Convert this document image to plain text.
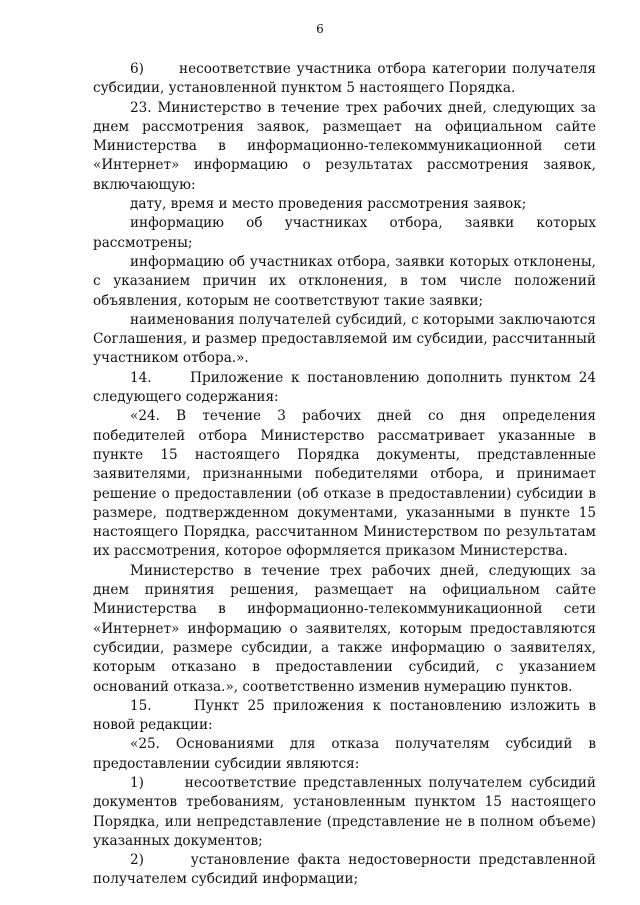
6

6)      несоответствие участника отбора категории получателя субсидии, установленной пунктом 5 настоящего Порядка.

23. Министерство в течение трех рабочих дней, следующих за днем рассмотрения заявок, размещает на официальном сайте Министерства в информационно-телекоммуникационной сети «Интернет» информацию о результатах рассмотрения заявок, включающую:

дату, время и место проведения рассмотрения заявок;

информацию об участниках отбора, заявки которых рассмотрены;

информацию об участниках отбора, заявки которых отклонены, с указанием причин их отклонения, в том числе положений объявления, которым не соответствуют такие заявки;

наименования получателей субсидий, с которыми заключаются Соглашения, и размер предоставляемой им субсидии, рассчитанный участником отбора.».

14.     Приложение к постановлению дополнить пунктом 24 следующего содержания:

«24. В течение 3 рабочих дней со дня определения победителей отбора Министерство рассматривает указанные в пункте 15 настоящего Порядка документы, представленные заявителями, признанными победителями отбора, и принимает решение о предоставлении (об отказе в предоставлении) субсидии в размере, подтвержденном документами, указанными в пункте 15 настоящего Порядка, рассчитанном Министерством по результатам их рассмотрения, которое оформляется приказом Министерства.

Министерство в течение трех рабочих дней, следующих за днем принятия решения, размещает на официальном сайте Министерства в информационно-телекоммуникационной сети «Интернет» информацию о заявителях, которым предоставляются субсидии, размере субсидии, а также информацию о заявителях, которым отказано в предоставлении субсидий, с указанием оснований отказа.», соответственно изменив нумерацию пунктов.

15.     Пункт 25 приложения к постановлению изложить в новой редакции:

«25. Основаниями для отказа получателям субсидий в предоставлении субсидии являются:

1)      несоответствие представленных получателем субсидий документов требованиям, установленным пунктом 15 настоящего Порядка, или непредставление (представление не в полном объеме) указанных документов;

2)      установление факта недостоверности представленной получателем субсидий информации;
